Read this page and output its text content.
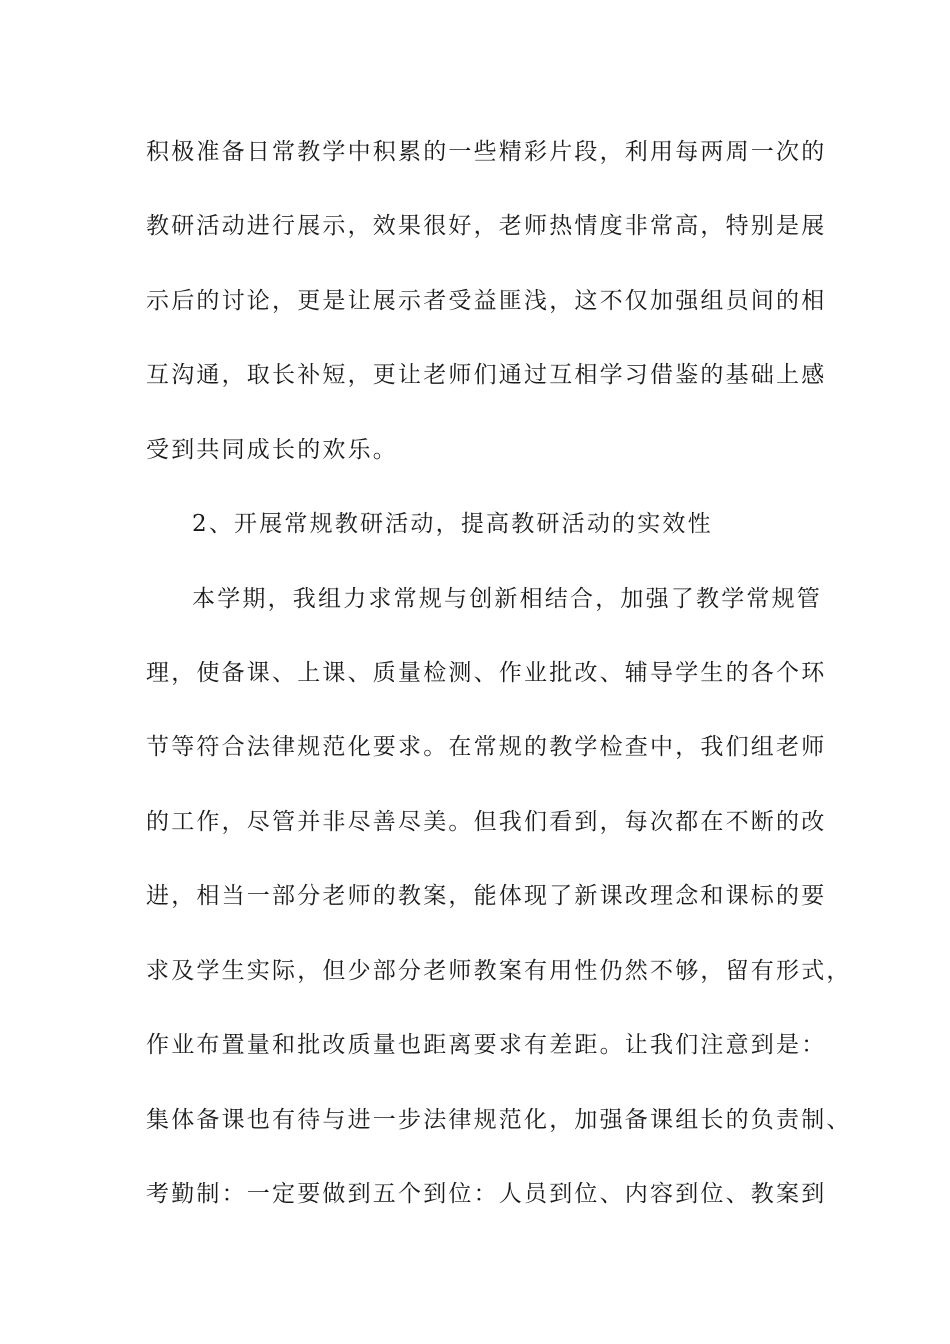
积极准备日常教学中积累的一些精彩片段，利用每两周一次的
教研活动进行展示，效果很好，老师热情度非常高，特别是展
示后的讨论，更是让展示者受益匪浅，这不仅加强组员间的相
互沟通，取长补短，更让老师们通过互相学习借鉴的基础上感
受到共同成长的欢乐。
2、开展常规教研活动，提高教研活动的实效性
本学期，我组力求常规与创新相结合，加强了教学常规管
理，使备课、上课、质量检测、作业批改、辅导学生的各个环
节等符合法律规范化要求。在常规的教学检查中，我们组老师
的工作，尽管并非尽善尽美。但我们看到，每次都在不断的改
进，相当一部分老师的教案，能体现了新课改理念和课标的要
求及学生实际，但少部分老师教案有用性仍然不够，留有形式，
作业布置量和批改质量也距离要求有差距。让我们注意到是：
集体备课也有待与进一步法律规范化，加强备课组长的负责制、
考勤制：一定要做到五个到位：人员到位、内容到位、教案到
